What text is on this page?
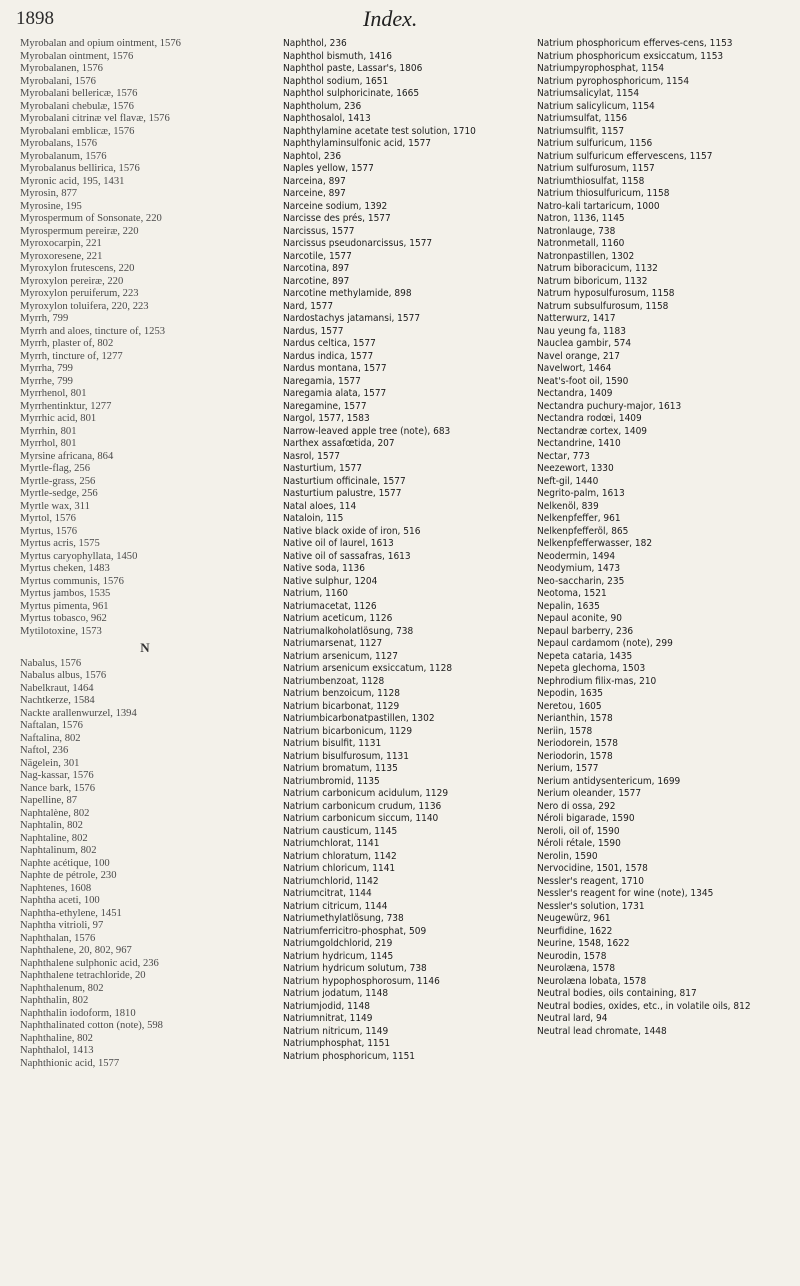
1898	Index.
Myrobalan and opium ointment, 1576
Myrobalan ointment, 1576
Myrobalanen, 1576
Myrobalani, 1576
Myrobalani bellericæ, 1576
Myrobalani chebulæ, 1576
Myrobalani citrinæ vel flavæ, 1576
Myrobalani emblicæ, 1576
Myrobalans, 1576
Myrobalanum, 1576
Myrobalanus bellirica, 1576
Myronic acid, 195, 1431
Myrosin, 877
Myrosine, 195
Myrospermum of Sonsonate, 220
Myrospermum pereiræ, 220
Myroxocarpin, 221
Myroxoresene, 221
Myroxylon frutescens, 220
Myroxylon pereiræ, 220
Myroxylon peruiferum, 223
Myroxylon toluifera, 220, 223
Myrrh, 799
Myrrh and aloes, tincture of, 1253
Myrrh, plaster of, 802
Myrrh, tincture of, 1277
Myrrha, 799
Myrrhe, 799
Myrrhenol, 801
Myrrhentinktur, 1277
Myrrhic acid, 801
Myrrhin, 801
Myrrhol, 801
Myrsine africana, 864
Myrtle-flag, 256
Myrtle-grass, 256
Myrtle-sedge, 256
Myrtle wax, 311
Myrtol, 1576
Myrtus, 1576
Myrtus acris, 1575
Myrtus caryophyllata, 1450
Myrtus cheken, 1483
Myrtus communis, 1576
Myrtus jambos, 1535
Myrtus pimenta, 961
Myrtus tobasco, 962
Mytilotoxine, 1573
N
Nabalus, 1576
Nabalus albus, 1576
Nabelkraut, 1464
Nachtkerze, 1584
Nackte arallenwurzel, 1394
Naftalan, 1576
Naftalina, 802
Naftol, 236
Nägelein, 301
Nag-kassar, 1576
Nance bark, 1576
Napelline, 87
Naphtalène, 802
Naphtalin, 802
Naphtaline, 802
Naphtalinum, 802
Naphte acétique, 100
Naphte de pétrole, 230
Naphtenes, 1608
Naphtha aceti, 100
Naphtha-ethylene, 1451
Naphtha vitrioli, 97
Naphthalan, 1576
Naphthalene, 20, 802, 967
Naphthalene sulphonic acid, 236
Naphthalene tetrachloride, 20
Naphthalenum, 802
Naphthalin, 802
Naphthalin iodoform, 1810
Naphthalinated cotton (note), 598
Naphthaline, 802
Naphthalol, 1413
Naphthionic acid, 1577
Naphthol, 236
Naphthol bismuth, 1416
Naphthol paste, Lassar's, 1806
Naphthol sodium, 1651
Naphthol sulphoricinate, 1665
Naphtholum, 236
Naphthosalol, 1413
Naphthylamine acetate test solution, 1710
Naphthylaminsulfonic acid, 1577
Naphtol, 236
Naples yellow, 1577
Narceina, 897
Narceine, 897
Narceine sodium, 1392
Narcisse des prés, 1577
Narcissus, 1577
Narcissus pseudonarcissus, 1577
Narcotile, 1577
Narcotina, 897
Narcotine, 897
Narcotine methylamide, 898
Nard, 1577
Nardostachys jatamansi, 1577
Nardus, 1577
Nardus celtica, 1577
Nardus indica, 1577
Nardus montana, 1577
Naregamia, 1577
Naregamia alata, 1577
Naregamine, 1577
Nargol, 1577, 1583
Narrow-leaved apple tree (note), 683
Narthex assafœtida, 207
Nasrol, 1577
Nasturtium, 1577
Nasturtium officinale, 1577
Nasturtium palustre, 1577
Natal aloes, 114
Nataloin, 115
Native black oxide of iron, 516
Native oil of laurel, 1613
Native oil of sassafras, 1613
Native soda, 1136
Native sulphur, 1204
Natrium, 1160
Natriumacetat, 1126
Natrium aceticum, 1126
Natriumalkoholatlösung, 738
Natriumarsenat, 1127
Natrium arsenicum, 1127
Natrium arsenicum exsiccatum, 1128
Natriumbenzoat, 1128
Natrium benzoicum, 1128
Natrium bicarbonat, 1129
Natriumbicarbonatpastillen, 1302
Natrium bicarbonicum, 1129
Natrium bisulfit, 1131
Natrium bisulfurosum, 1131
Natrium bromatum, 1135
Natriumbromid, 1135
Natrium carbonicum acidulum, 1129
Natrium carbonicum crudum, 1136
Natrium carbonicum siccum, 1140
Natrium causticum, 1145
Natriumchlorat, 1141
Natrium chloratum, 1142
Natrium chloricum, 1141
Natriumchlorid, 1142
Natriumcitrat, 1144
Natrium citricum, 1144
Natriumethylatlösung, 738
Natriumferricitro-phosphat, 509
Natriumgoldchlorid, 219
Natrium hydricum, 1145
Natrium hydricum solutum, 738
Natrium hypophosphorosum, 1146
Natrium jodatum, 1148
Natriumjodid, 1148
Natriumnitrat, 1149
Natrium nitricum, 1149
Natriumphosphat, 1151
Natrium phosphoricum, 1151
Natrium phosphoricum efferves-cens, 1153
Natrium phosphoricum exsiccatum, 1153
Natriumpyrophosphat, 1154
Natrium pyrophosphoricum, 1154
Natriumsalicylat, 1154
Natrium salicylicum, 1154
Natriumsulfat, 1156
Natriumsulfit, 1157
Natrium sulfuricum, 1156
Natrium sulfuricum effervescens, 1157
Natrium sulfurosum, 1157
Natriumthiosulfat, 1158
Natrium thiosulfuricum, 1158
Natro-kali tartaricum, 1000
Natron, 1136, 1145
Natronlauge, 738
Natronmetall, 1160
Natronpastillen, 1302
Natrum biboracicum, 1132
Natrum biboricum, 1132
Natrum hyposulfurosum, 1158
Natrum subsulfurosum, 1158
Natterwurz, 1417
Nau yeung fa, 1183
Nauclea gambir, 574
Navel orange, 217
Navelwort, 1464
Neat's-foot oil, 1590
Nectandra, 1409
Nectandra puchury-major, 1613
Nectandra rodœi, 1409
Nectandræ cortex, 1409
Nectandrine, 1410
Nectar, 773
Neezewort, 1330
Neft-gil, 1440
Negrito-palm, 1613
Nelkenöl, 839
Nelkenpfeffer, 961
Nelkenpfefferöl, 865
Nelkenpfefferwasser, 182
Neodermin, 1494
Neodymium, 1473
Neo-saccharin, 235
Neotoma, 1521
Nepalin, 1635
Nepaul aconite, 90
Nepaul barberry, 236
Nepaul cardamom (note), 299
Nepeta cataria, 1435
Nepeta glechoma, 1503
Nephrodium filix-mas, 210
Nepodin, 1635
Neretou, 1605
Nerianthin, 1578
Neriin, 1578
Neriodorein, 1578
Neriodorin, 1578
Nerium, 1577
Nerium antidysentericum, 1699
Nerium oleander, 1577
Nero di ossa, 292
Néroli bigarade, 1590
Neroli, oil of, 1590
Néroli rétale, 1590
Nerolin, 1590
Nervocidine, 1501, 1578
Nessler's reagent, 1710
Nessler's reagent for wine (note), 1345
Nessler's solution, 1731
Neugewürz, 961
Neurfidine, 1622
Neurine, 1548, 1622
Neurodin, 1578
Neurolæna, 1578
Neurolæna lobata, 1578
Neutral bodies, oils containing, 817
Neutral bodies, oxides, etc., in volatile oils, 812
Neutral lard, 94
Neutral lead chromate, 1448
